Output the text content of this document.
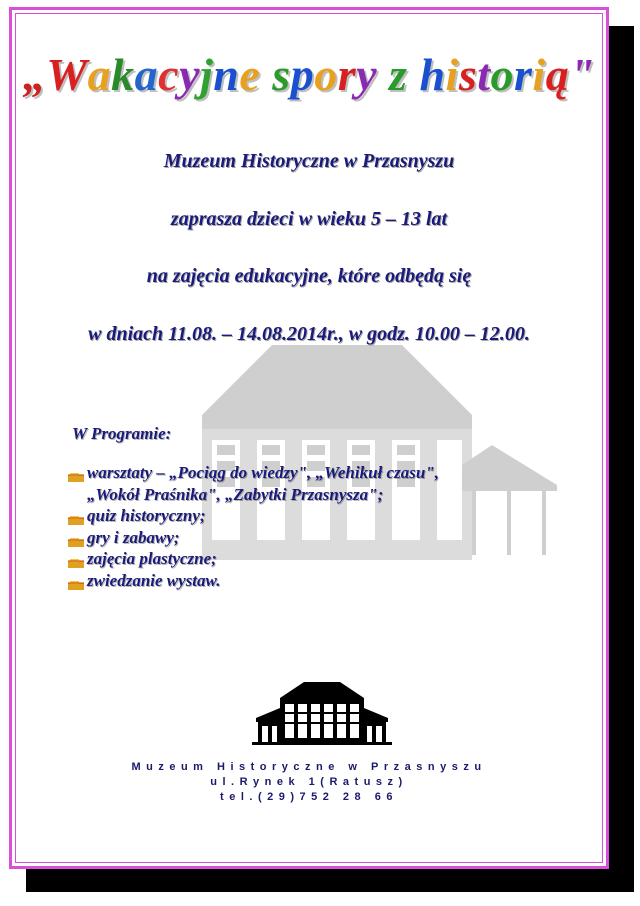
„Wakacyjne spory z historią"
Muzeum Historyczne w Przasnyszu
zaprasza dzieci w wieku 5 – 13 lat
na zajęcia edukacyjne, które odbędą się
w dniach 11.08. – 14.08.2014r., w godz. 10.00 – 12.00.
W Programie:
warsztaty – „Pociąg do wiedzy", „Wehikuł czasu",
„Wokół Praśnika", „Zabytki Przasnysza";
quiz historyczny;
gry i zabawy;
zajęcia plastyczne;
zwiedzanie wystaw.
Muzeum Historyczne w Przasnyszu
ul.Rynek 1(Ratusz)
tel.(29)752 28 66
